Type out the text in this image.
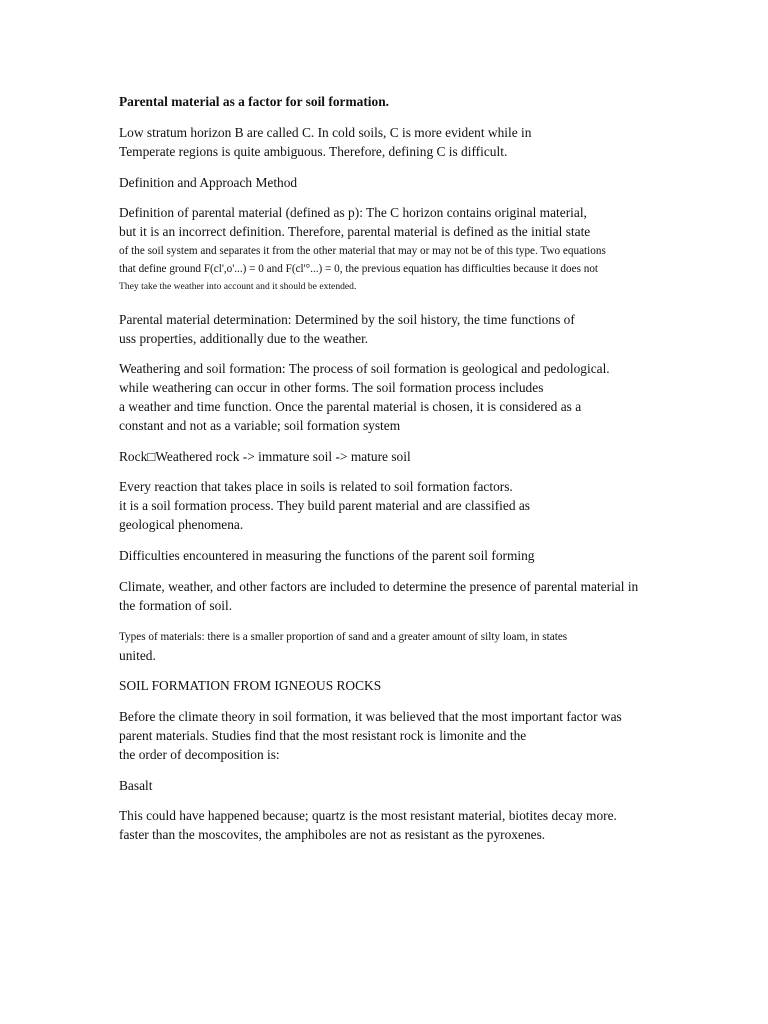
Parental material as a factor for soil formation.
Low stratum horizon B are called C. In cold soils, C is more evident while in
Temperate regions is quite ambiguous. Therefore, defining C is difficult.
Definition and Approach Method
Definition of parental material (defined as p): The C horizon contains original material,
but it is an incorrect definition. Therefore, parental material is defined as the initial state
of the soil system and separates it from the other material that may or may not be of this type. Two equations
that define ground F(cl',o'...) = 0 and F(cl'°...) = 0, the previous equation has difficulties because it does not
They take the weather into account and it should be extended.
Parental material determination: Determined by the soil history, the time functions of
uss properties, additionally due to the weather.
Weathering and soil formation: The process of soil formation is geological and pedological.
while weathering can occur in other forms. The soil formation process includes
a weather and time function. Once the parental material is chosen, it is considered as a
constant and not as a variable; soil formation system
Rock□Weathered rock -> immature soil -> mature soil
Every reaction that takes place in soils is related to soil formation factors.
it is a soil formation process. They build parent material and are classified as
geological phenomena.
Difficulties encountered in measuring the functions of the parent soil forming
Climate, weather, and other factors are included to determine the presence of parental material in
the formation of soil.
Types of materials: there is a smaller proportion of sand and a greater amount of silty loam, in states
united.
SOIL FORMATION FROM IGNEOUS ROCKS
Before the climate theory in soil formation, it was believed that the most important factor was
parent materials. Studies find that the most resistant rock is limonite and the
the order of decomposition is:
Basalt
This could have happened because; quartz is the most resistant material, biotites decay more.
faster than the moscovites, the amphiboles are not as resistant as the pyroxenes.
